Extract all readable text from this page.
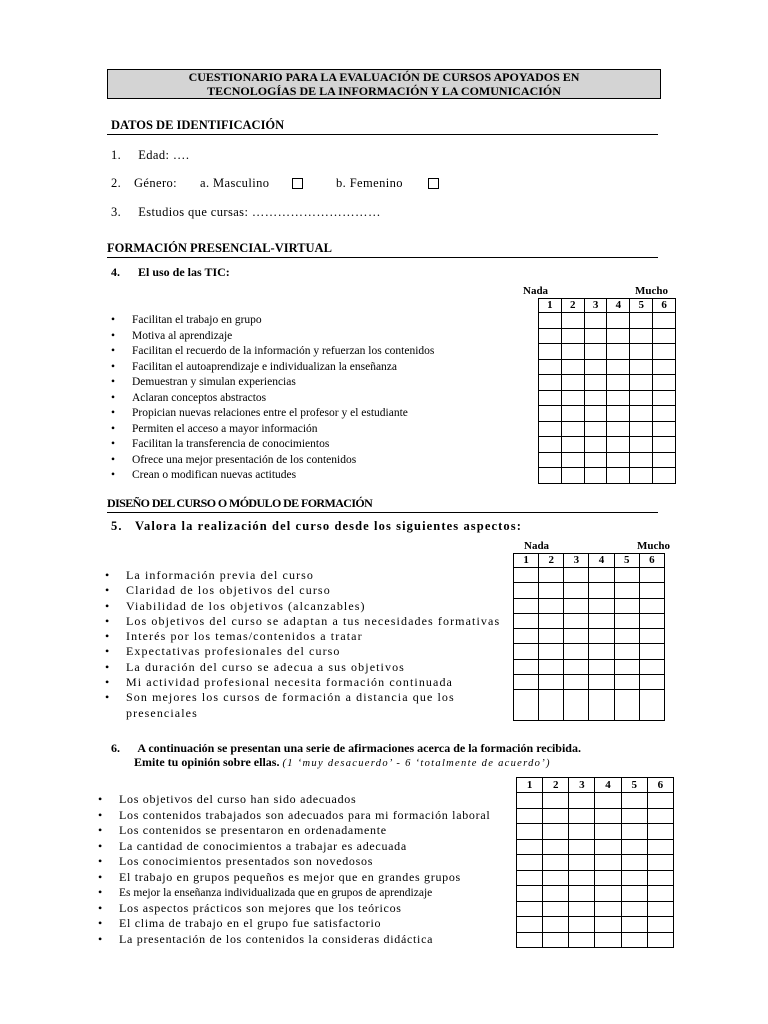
CUESTIONARIO PARA LA EVALUACIÓN DE CURSOS APOYADOS EN
TECNOLOGÍAS DE LA INFORMACIÓN Y LA COMUNICACIÓN
DATOS DE IDENTIFICACIÓN
1. Edad: ….
2. Género: a. Masculino	b. Femenino
3. Estudios que cursas: …………………………
FORMACIÓN PRESENCIAL-VIRTUAL
4. El uso de las TIC:
Nada	Mucho
1	2	3	4	5	6

• Facilitan el trabajo en grupo
• Motiva al aprendizaje
• Facilitan el recuerdo de la información y refuerzan los contenidos
• Facilitan el autoaprendizaje e individualizan la enseñanza
• Demuestran y simulan experiencias
• Aclaran conceptos abstractos
• Propician nuevas relaciones entre el profesor y el estudiante
• Permiten el acceso a mayor información
• Facilitan la transferencia de conocimientos
• Ofrece una mejor presentación de los contenidos
• Crean o modifican nuevas actitudes
DISEÑO DEL CURSO O MÓDULO DE FORMACIÓN
5.   Valora la realización del curso desde los siguientes aspectos:
Nada	Mucho
1	2	3	4	5	6

• La información previa del curso
• Claridad de los objetivos del curso
• Viabilidad de los objetivos (alcanzables)
• Los objetivos del curso se adaptan a tus necesidades formativas
• Interés por los temas/contenidos a tratar
• Expectativas profesionales del curso
• La duración del curso se adecua a sus objetivos
• Mi actividad profesional necesita formación continuada
• Son mejores los cursos de formación a distancia que los
presenciales
6. A continuación se presentan una serie de afirmaciones acerca de la formación recibida.
Emite tu opinión sobre ellas. (1 ‘muy desacuerdo’ - 6 ‘totalmente de acuerdo’)
1	2	3	4	5	6

• Los objetivos del curso han sido adecuados
• Los contenidos trabajados son adecuados para mi formación laboral
• Los contenidos se presentaron en ordenadamente
• La cantidad de conocimientos a trabajar es adecuada
• Los conocimientos presentados son novedosos
• El trabajo en grupos pequeños es mejor que en grandes grupos
• Es mejor la enseñanza individualizada que en grupos de aprendizaje
• Los aspectos prácticos son mejores que los teóricos
• El clima de trabajo en el grupo fue satisfactorio
• La presentación de los contenidos la consideras didáctica
